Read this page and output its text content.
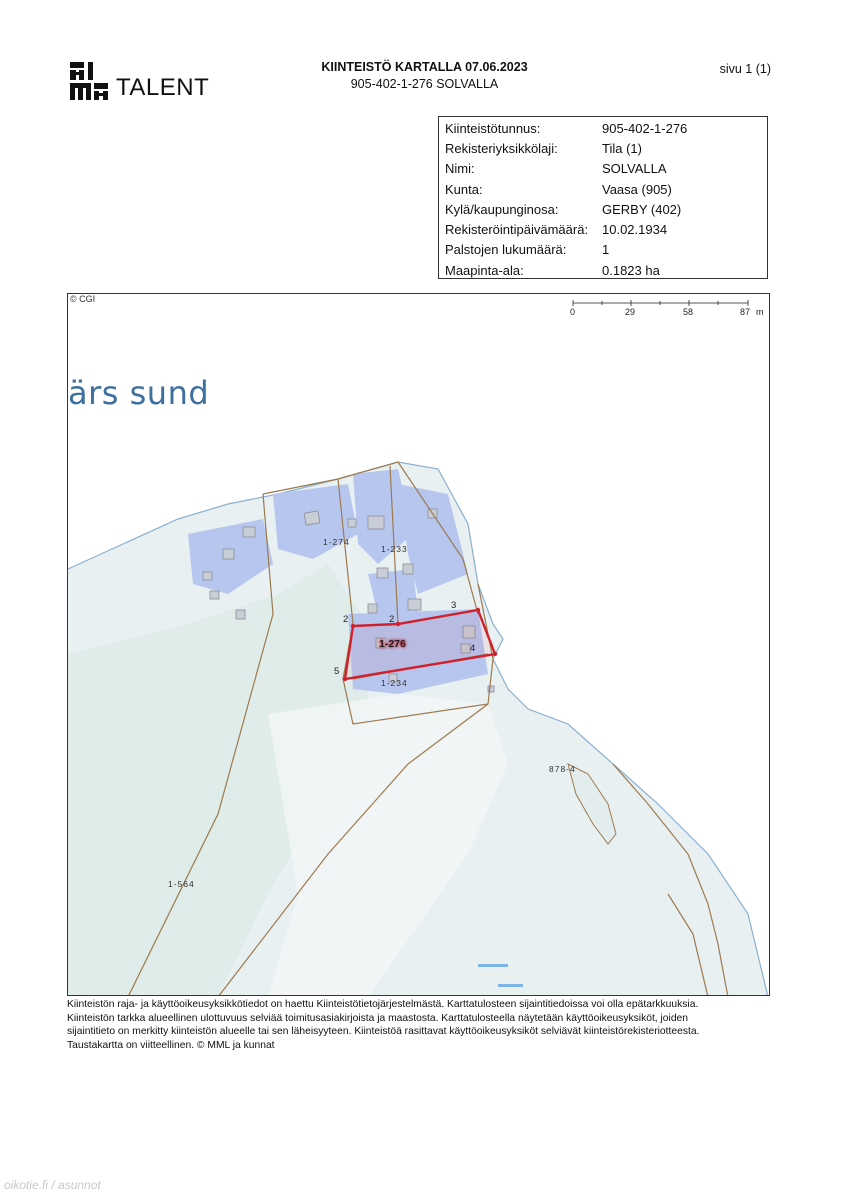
TALENT
KIINTEISTÖ KARTALLA 07.06.2023
905-402-1-276 SOLVALLA
sivu 1 (1)
Kiinteistötunnus:	905-402-1-276
Rekisteriyksikkölaji:	Tila (1)
Nimi:	SOLVALLA
Kunta:	Vaasa (905)
Kylä/kaupunginosa:	GERBY (402)
Rekisteröintipäivämäärä:	10.02.1934
Palstojen lukumäärä:	1
Maapinta-ala:	0.1823 ha
© CGI
ärs sund
0	29	58	87 m
1-274
1-233
1-234
878-4
1-564
2	2
3
4
5
1-276

Kiinteistön raja- ja käyttöoikeusyksikkötiedot on haettu Kiinteistötietojärjestelmästä. Karttatulosteen sijaintitiedoissa voi olla epätarkkuuksia.

Kiinteistön tarkka alueellinen ulottuvuus selviää toimitusasiakirjoista ja maastosta. Karttatulosteella näytetään käyttöoikeusyksiköt, joiden

sijaintitieto on merkitty kiinteistön alueelle tai sen läheisyyteen. Kiinteistöä rasittavat käyttöoikeusyksiköt selviävät kiinteistörekisteriotteesta.

Taustakartta on viitteellinen. © MML ja kunnat

oikotie.fi / asunnot
